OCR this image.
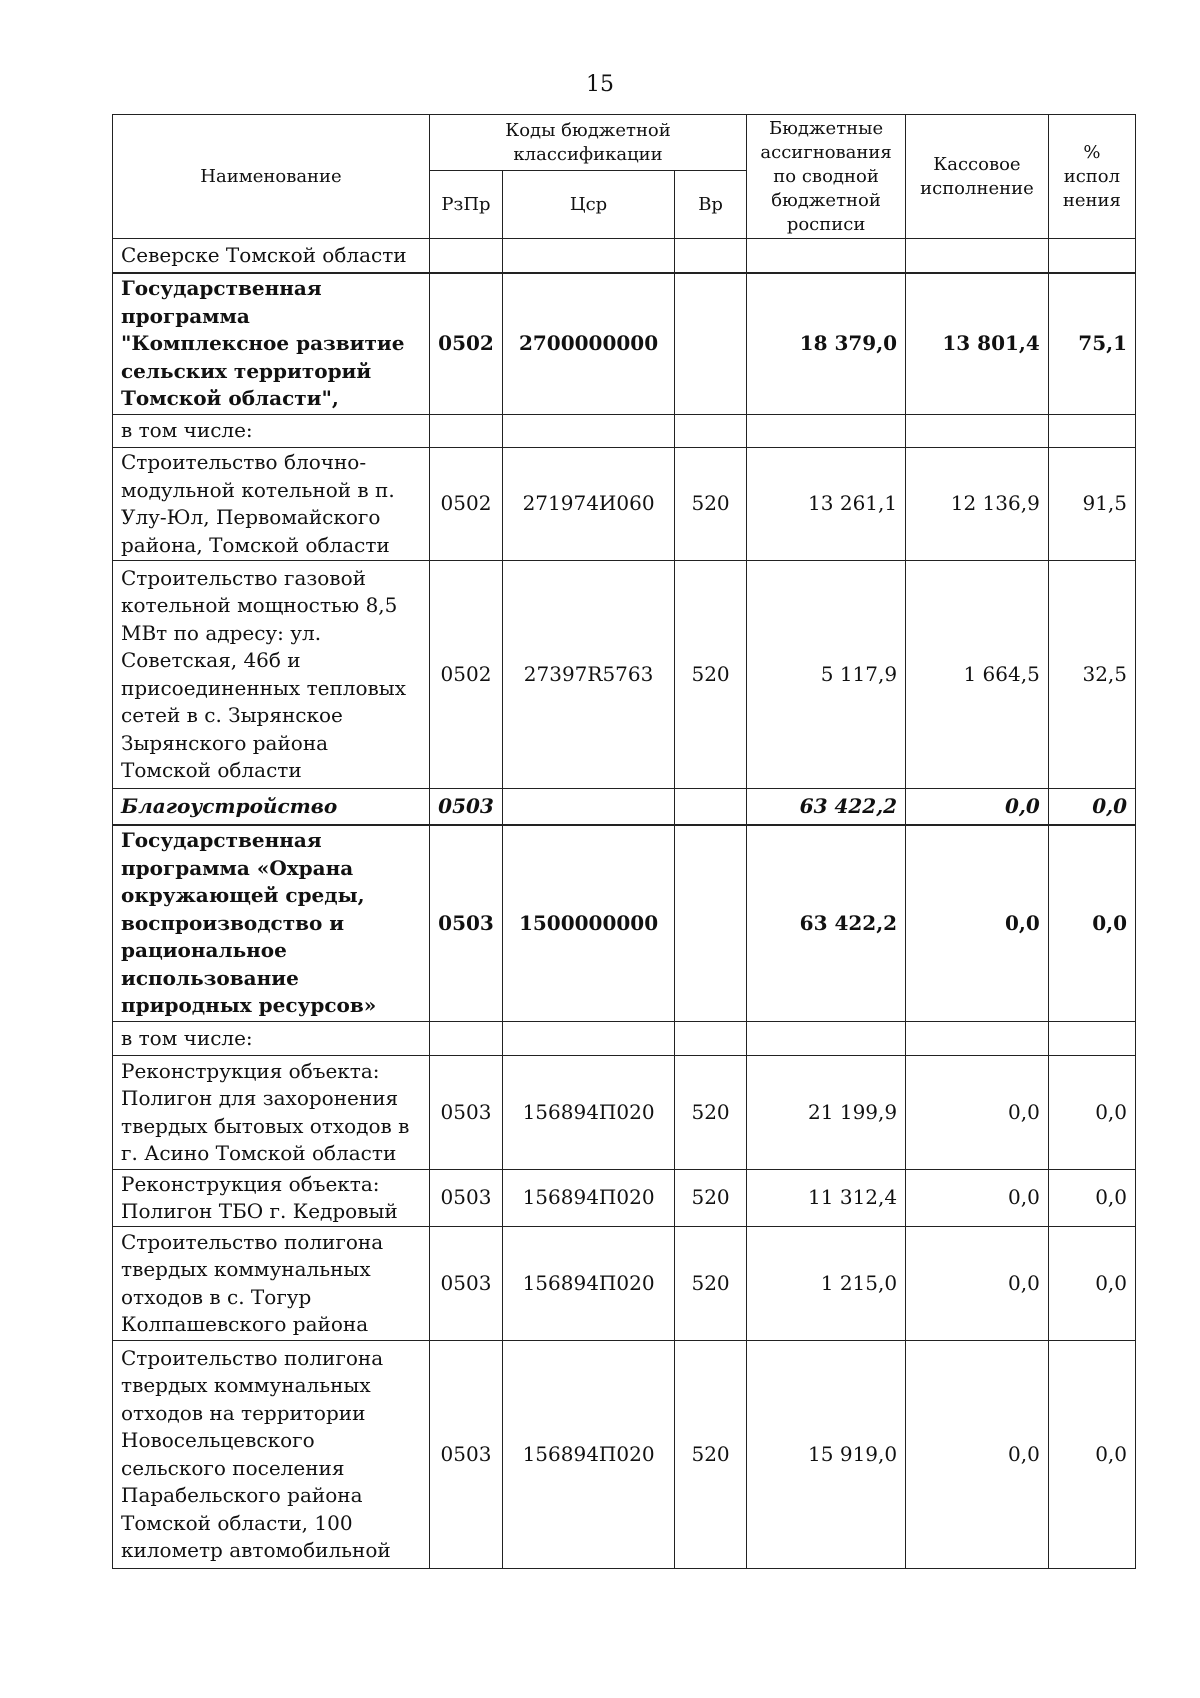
15
Наименование	Коды бюджетной классификации			Бюджетные ассигнования по сводной бюджетной росписи	Кассовое исполнение	% испол нения
	РзПр	Цср	Вр			
Северске Томской области						
Государственная программа "Комплексное развитие сельских территорий Томской области",	0502	2700000000		18 379,0	13 801,4	75,1
в том числе:						
Строительство блочно-модульной котельной в п. Улу-Юл, Первомайского района, Томской области	0502	271974И060	520	13 261,1	12 136,9	91,5
Строительство газовой котельной мощностью 8,5 МВт по адресу: ул. Советская, 46б и присоединенных тепловых сетей в с. Зырянское Зырянского района Томской области	0502	27397R5763	520	5 117,9	1 664,5	32,5
Благоустройство	0503			63 422,2	0,0	0,0
Государственная программа «Охрана окружающей среды, воспроизводство и рациональное использование природных ресурсов»	0503	1500000000		63 422,2	0,0	0,0
в том числе:						
Реконструкция объекта: Полигон для захоронения твердых бытовых отходов в г. Асино Томской области	0503	156894П020	520	21 199,9	0,0	0,0
Реконструкция объекта: Полигон ТБО г. Кедровый	0503	156894П020	520	11 312,4	0,0	0,0
Строительство полигона твердых коммунальных отходов в с. Тогур Колпашевского района	0503	156894П020	520	1 215,0	0,0	0,0
Строительство полигона твердых коммунальных отходов на территории Новосельцевского сельского поселения Парабельского района Томской области, 100 километр автомобильной	0503	156894П020	520	15 919,0	0,0	0,0
